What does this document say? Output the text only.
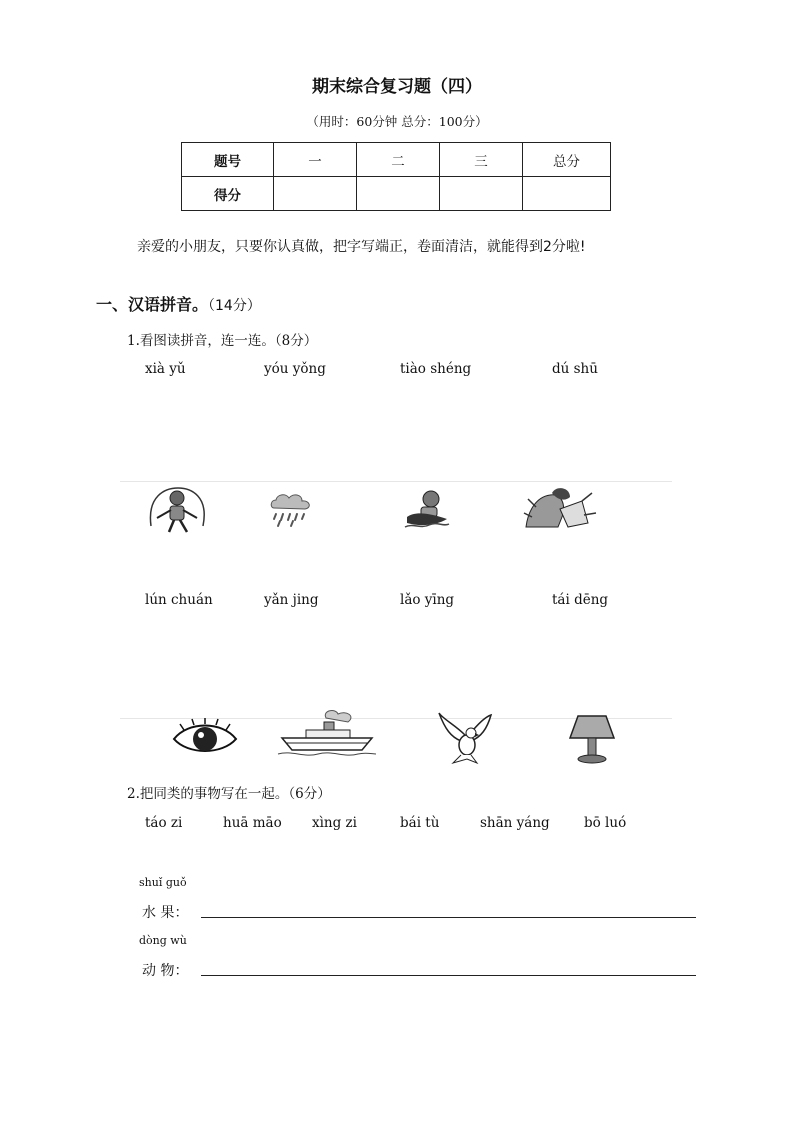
期末综合复习题（四）
（用时：60分钟 总分：100分）
题号	一	二	三	总分
得分				
亲爱的小朋友，只要你认真做，把字写端正，卷面清洁，就能得到2分啦!
一、汉语拼音。（14分）
1.看图读拼音，连一连。（8分）
xià yǔ	yóu yǒng	tiào shéng	dú shū
lún chuán	yǎn jing	lǎo yīng	tái dēng
2.把同类的事物写在一起。（6分）
táo zi	huā māo xìng zi	bái tù	shān yáng	bō luó
shuǐ guǒ
水 果：
dòng wù
动 物：
